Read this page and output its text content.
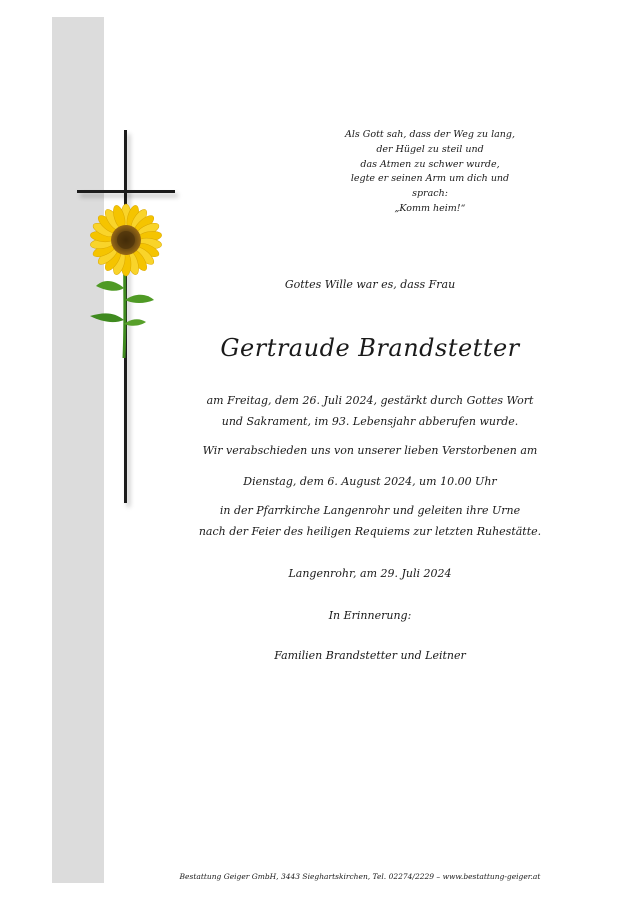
Als Gott sah, dass der Weg zu lang,
der Hügel zu steil und
das Atmen zu schwer wurde,
legte er seinen Arm um dich und
sprach:
„Komm heim!“
Gottes Wille war es, dass Frau
Gertraude Brandstetter
am Freitag, dem 26. Juli 2024, gestärkt durch Gottes Wort
und Sakrament, im 93. Lebensjahr abberufen wurde.
Wir verabschieden uns von unserer lieben Verstorbenen am
Dienstag, dem 6. August 2024, um 10.00 Uhr
in der Pfarrkirche Langenrohr und geleiten ihre Urne
nach der Feier des heiligen Requiems zur letzten Ruhestätte.
Langenrohr, am 29. Juli 2024
In Erinnerung:
Familien Brandstetter und Leitner
Bestattung Geiger GmbH, 3443 Sieghartskirchen, Tel. 02274/2229 – www.bestattung-geiger.at
